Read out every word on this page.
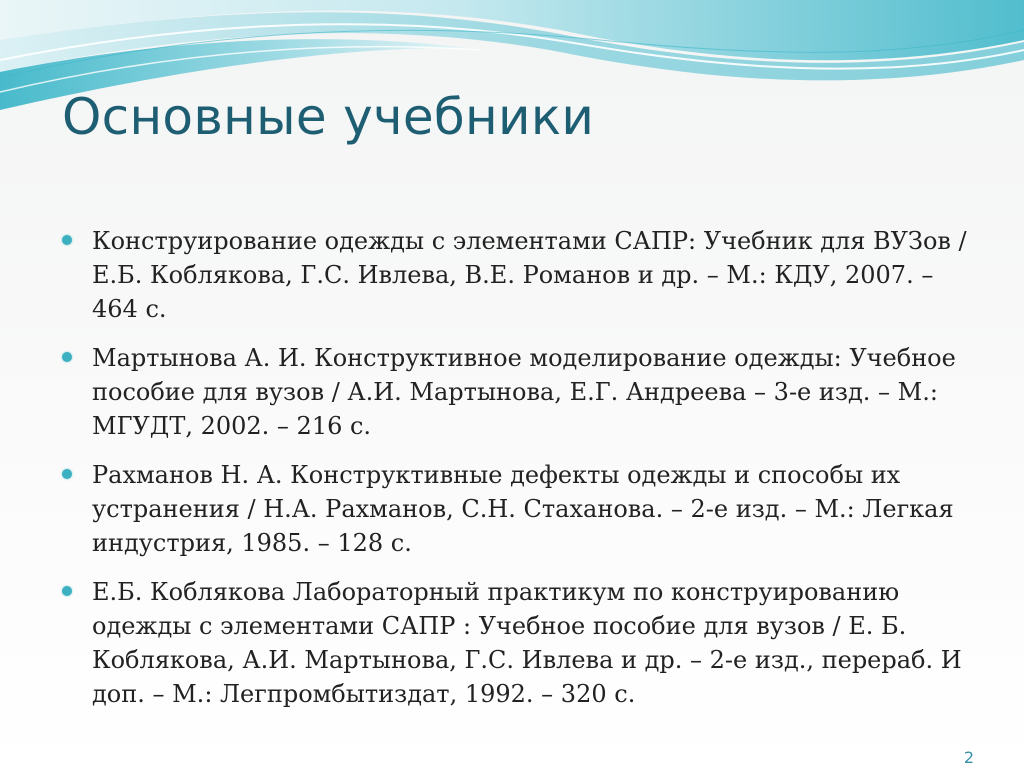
Основные учебники
Конструирование одежды с элементами САПР: Учебник для ВУЗов / Е.Б. Коблякова, Г.С. Ивлева, В.Е. Романов и др. – М.: КДУ, 2007. – 464 с.
Мартынова А. И. Конструктивное моделирование одежды: Учебное пособие для вузов / А.И. Мартынова, Е.Г. Андреева – 3-е изд. – М.: МГУДТ, 2002. – 216 с.
Рахманов Н. А. Конструктивные дефекты одежды и способы их устранения / Н.А. Рахманов, С.Н. Стаханова. – 2-е изд. – М.: Легкая индустрия, 1985. – 128 с.
Е.Б. Коблякова Лабораторный практикум по конструированию одежды с элементами САПР : Учебное пособие для вузов / Е. Б. Коблякова, А.И. Мартынова, Г.С. Ивлева и др. – 2-е изд., перераб. И доп. – М.: Легпромбытиздат, 1992. – 320 с.
2
